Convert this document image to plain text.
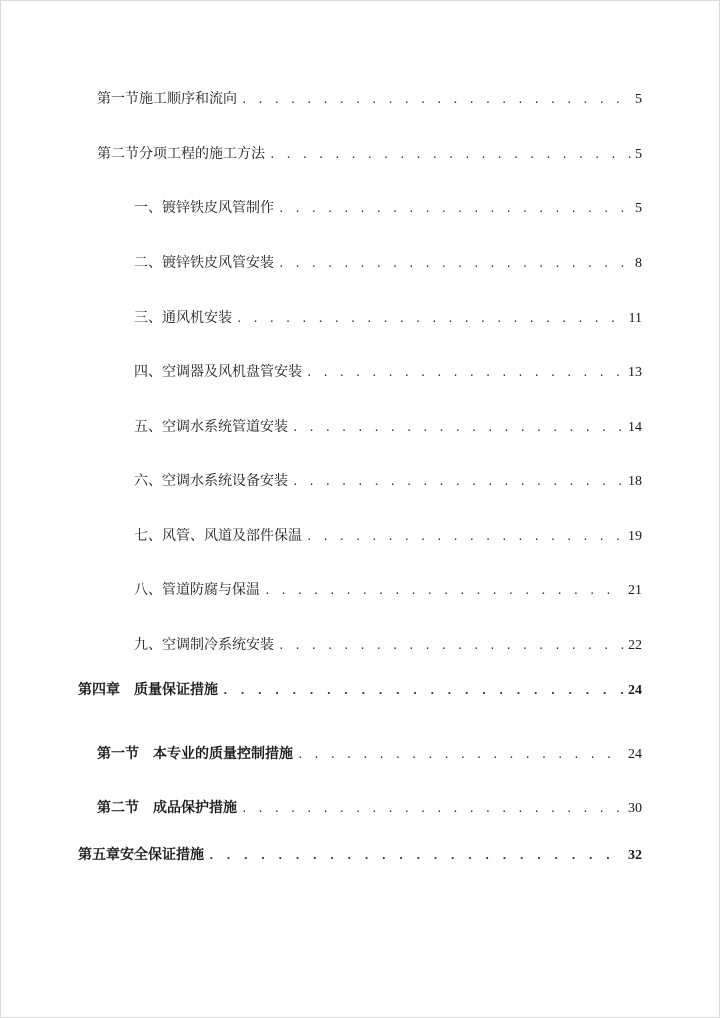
第一节施工顺序和流向 . . .	5
第二节分项工程的施工方法 . . .	5
一、镀锌铁皮风管制作 . . .	5
二、镀锌铁皮风管安装 . . .	8
三、通风机安装 . . .	11
四、空调器及风机盘管安装 . . .	13
五、空调水系统管道安装 . . .	14
六、空调水系统设备安装 . . .	18
七、风管、风道及部件保温 . . .	19
八、管道防腐与保温 . . .	21
九、空调制冷系统安装 . . .	22
第四章 质量保证措施 . . .	24
第一节 本专业的质量控制措施 . . .	24
第二节 成品保护措施 . . .	30
第五章安全保证措施 . . .	32
